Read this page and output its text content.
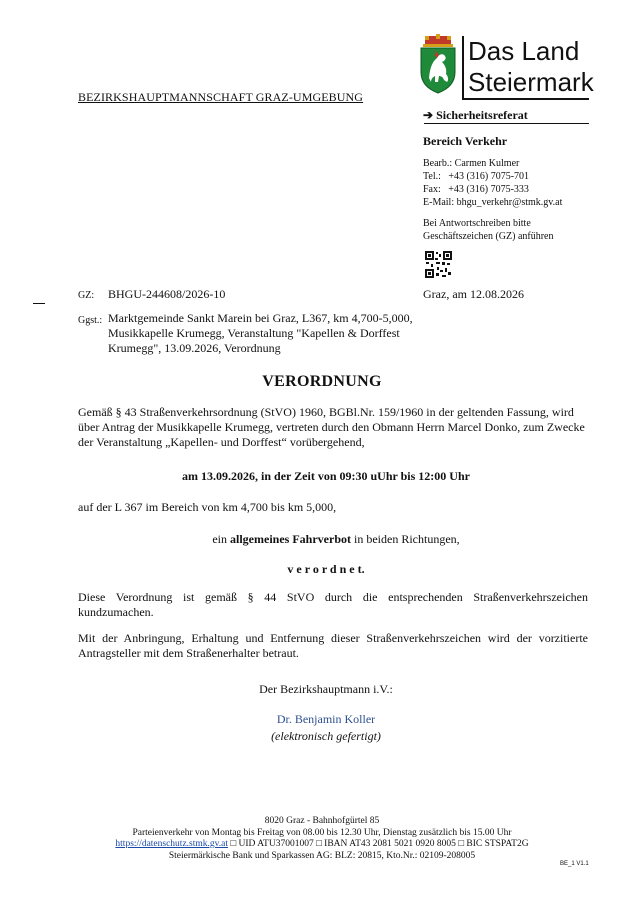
Das Land
Steiermark
BEZIRKSHAUPTMANNSCHAFT GRAZ-UMGEBUNG
➔ Sicherheitsreferat
Bereich Verkehr
Bearb.: Carmen Kulmer
Tel.:   +43 (316) 7075-701
Fax:   +43 (316) 7075-333
E-Mail: bhgu_verkehr@stmk.gv.at
Bei Antwortschreiben bitte
Geschäftszeichen (GZ) anführen
GZ: BHGU-244608/2026-10	Graz, am 12.08.2026
Ggst.: Marktgemeinde Sankt Marein bei Graz, L367, km 4,700-5,000,
Musikkapelle Krumegg, Veranstaltung "Kapellen & Dorffest
Krumegg", 13.09.2026, Verordnung
VERORDNUNG
Gemäß § 43 Straßenverkehrsordnung (StVO) 1960, BGBl.Nr. 159/1960 in der geltenden Fassung, wird
über Antrag der Musikkapelle Krumegg, vertreten durch den Obmann Herrn Marcel Donko, zum Zwecke
der Veranstaltung „Kapellen- und Dorffest“ vorübergehend,
am 13.09.2026, in der Zeit von 09:30 uUhr bis 12:00 Uhr
auf der L 367 im Bereich von km 4,700 bis km 5,000,
ein allgemeines Fahrverbot in beiden Richtungen,
v e r o r d n e t.
Diese Verordnung ist gemäß § 44 StVO durch die entsprechenden Straßenverkehrszeichen
kundzumachen.
Mit der Anbringung, Erhaltung und Entfernung dieser Straßenverkehrszeichen wird der vorzitierte
Antragsteller mit dem Straßenerhalter betraut.
Der Bezirkshauptmann i.V.:
Dr. Benjamin Koller
(elektronisch gefertigt)
8020 Graz - Bahnhofgürtel 85
Parteienverkehr von Montag bis Freitag von 08.00 bis 12.30 Uhr, Dienstag zusätzlich bis 15.00 Uhr
https://datenschutz.stmk.gv.at □ UID ATU37001007 □ IBAN AT43 2081 5021 0920 8005 □ BIC STSPAT2G
Steiermärkische Bank und Sparkassen AG: BLZ: 20815, Kto.Nr.: 02109-208005
BE_1 V1.1
